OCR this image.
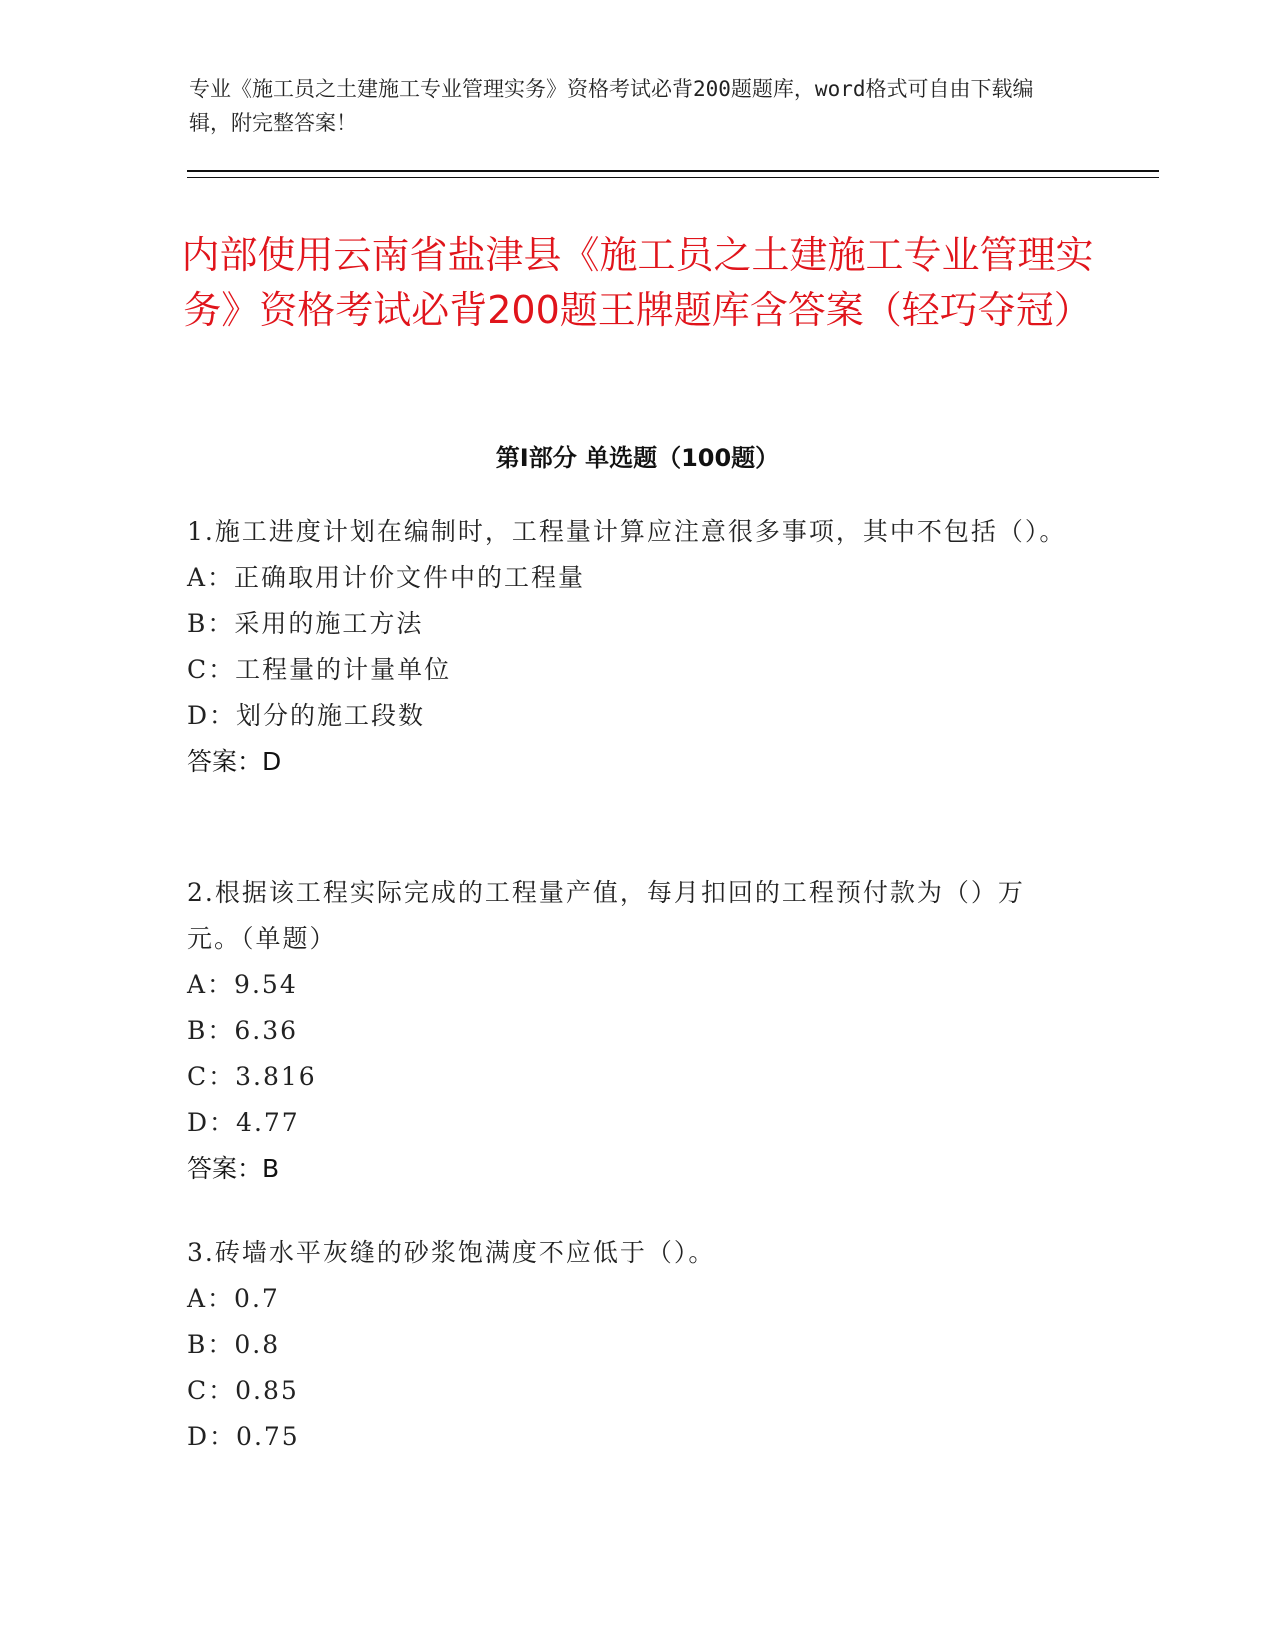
专业《施工员之土建施工专业管理实务》资格考试必背200题题库，word格式可自由下载编辑，附完整答案！
内部使用云南省盐津县《施工员之土建施工专业管理实务》资格考试必背200题王牌题库含答案（轻巧夺冠）
第Ⅰ部分 单选题（100题）

1.施工进度计划在编制时，工程量计算应注意很多事项，其中不包括（）。

A：正确取用计价文件中的工程量

B：采用的施工方法

C：工程量的计量单位

D：划分的施工段数

答案：D

2.根据该工程实际完成的工程量产值，每月扣回的工程预付款为（）万元。（单题）

A：9.54

B：6.36

C：3.816

D：4.77

答案：B

3.砖墙水平灰缝的砂浆饱满度不应低于（）。

A：0.7

B：0.8

C：0.85

D：0.75
